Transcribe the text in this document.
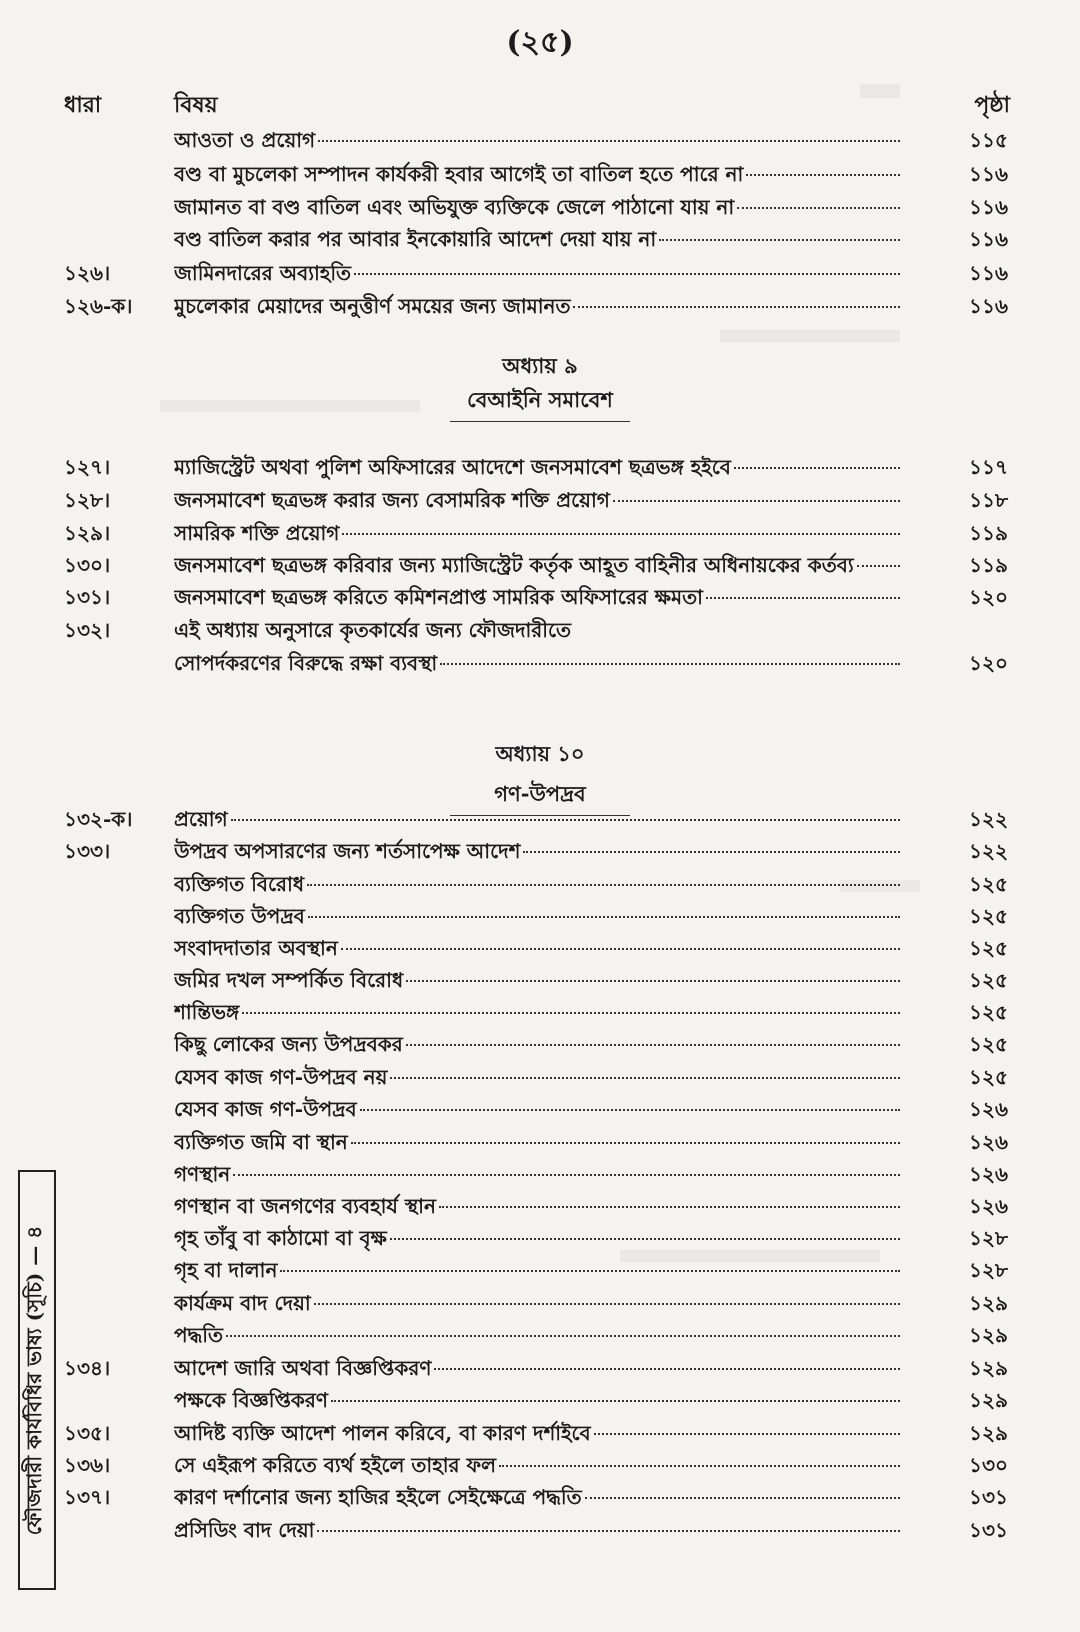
(২৫)
ধারা	বিষয়	পৃষ্ঠা
আওতা ও প্রয়োগ	১১৫
বণ্ড বা মুচলেকা সম্পাদন কার্যকরী হবার আগেই তা বাতিল হতে পারে না	১১৬
জামানত বা বণ্ড বাতিল এবং অভিযুক্ত ব্যক্তিকে জেলে পাঠানো যায় না	১১৬
বণ্ড বাতিল করার পর আবার ইনকোয়ারি আদেশ দেয়া যায় না	১১৬
১২৬।	জামিনদারের অব্যাহতি	১১৬
১২৬-ক।	মুচলেকার মেয়াদের অনুত্তীর্ণ সময়ের জন্য জামানত	১১৬
১২৭।	ম্যাজিস্ট্রেট অথবা পুলিশ অফিসারের আদেশে জনসমাবেশ ছত্রভঙ্গ হইবে	১১৭
১২৮।	জনসমাবেশ ছত্রভঙ্গ করার জন্য বেসামরিক শক্তি প্রয়োগ	১১৮
১২৯।	সামরিক শক্তি প্রয়োগ	১১৯
১৩০।	জনসমাবেশ ছত্রভঙ্গ করিবার জন্য ম্যাজিস্ট্রেট কর্তৃক আহূত বাহিনীর অধিনায়কের কর্তব্য	১১৯
১৩১।	জনসমাবেশ ছত্রভঙ্গ করিতে কমিশনপ্রাপ্ত সামরিক অফিসারের ক্ষমতা	১২০
১৩২।	এই অধ্যায় অনুসারে কৃতকার্যের জন্য ফৌজদারীতে
সোপর্দকরণের বিরুদ্ধে রক্ষা ব্যবস্থা	১২০
১৩২-ক।	প্রয়োগ	১২২
১৩৩।	উপদ্রব অপসারণের জন্য শর্তসাপেক্ষ আদেশ	১২২
ব্যক্তিগত বিরোধ	১২৫
ব্যক্তিগত উপদ্রব	১২৫
সংবাদদাতার অবস্থান	১২৫
জমির দখল সম্পর্কিত বিরোধ	১২৫
শান্তিভঙ্গ	১২৫
কিছু লোকের জন্য উপদ্রবকর	১২৫
যেসব কাজ গণ-উপদ্রব নয়	১২৫
যেসব কাজ গণ-উপদ্রব	১২৬
ব্যক্তিগত জমি বা স্থান	১২৬
গণস্থান	১২৬
গণস্থান বা জনগণের ব্যবহার্য স্থান	১২৬
গৃহ তাঁবু বা কাঠামো বা বৃক্ষ	১২৮
গৃহ বা দালান	১২৮
কার্যক্রম বাদ দেয়া	১২৯
পদ্ধতি	১২৯
১৩৪।	আদেশ জারি অথবা বিজ্ঞপ্তিকরণ	১২৯
পক্ষকে বিজ্ঞপ্তিকরণ	১২৯
১৩৫।	আদিষ্ট ব্যক্তি আদেশ পালন করিবে, বা কারণ দর্শাইবে	১২৯
১৩৬।	সে এইরূপ করিতে ব্যর্থ হইলে তাহার ফল	১৩০
১৩৭।	কারণ দর্শানোর জন্য হাজির হইলে সেইক্ষেত্রে পদ্ধতি	১৩১
প্রসিডিং বাদ দেয়া	১৩১
অধ্যায় ৯
বেআইনি সমাবেশ
অধ্যায় ১০
গণ-উপদ্রব
ফৌজদারী কার্যবিধির ভাষ্য (সূচি) — ৪
